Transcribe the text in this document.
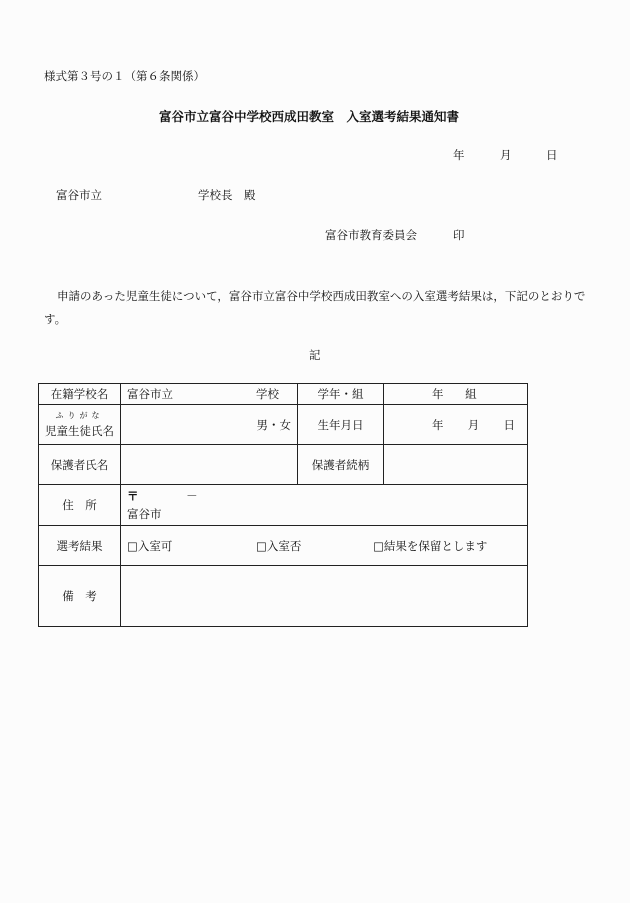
様式第３号の１（第６条関係）
富谷市立富谷中学校西成田教室　入室選考結果通知書
年	月	日
富谷市立	学校長　殿
富谷市教育委員会	印
申請のあった児童生徒について，富谷市立富谷中学校西成田教室への入室選考結果は，下記のとおりです。
記
在籍学校名	富谷市立 学校	学年・組	年 組

ふりがな
児童生徒氏名	男・女	生年月日	年 月 日

保護者氏名		保護者続柄	
住　所	〒 －
富谷市		

選考結果	□入室可 □入室否 □結果を保留とします		
備　考			
